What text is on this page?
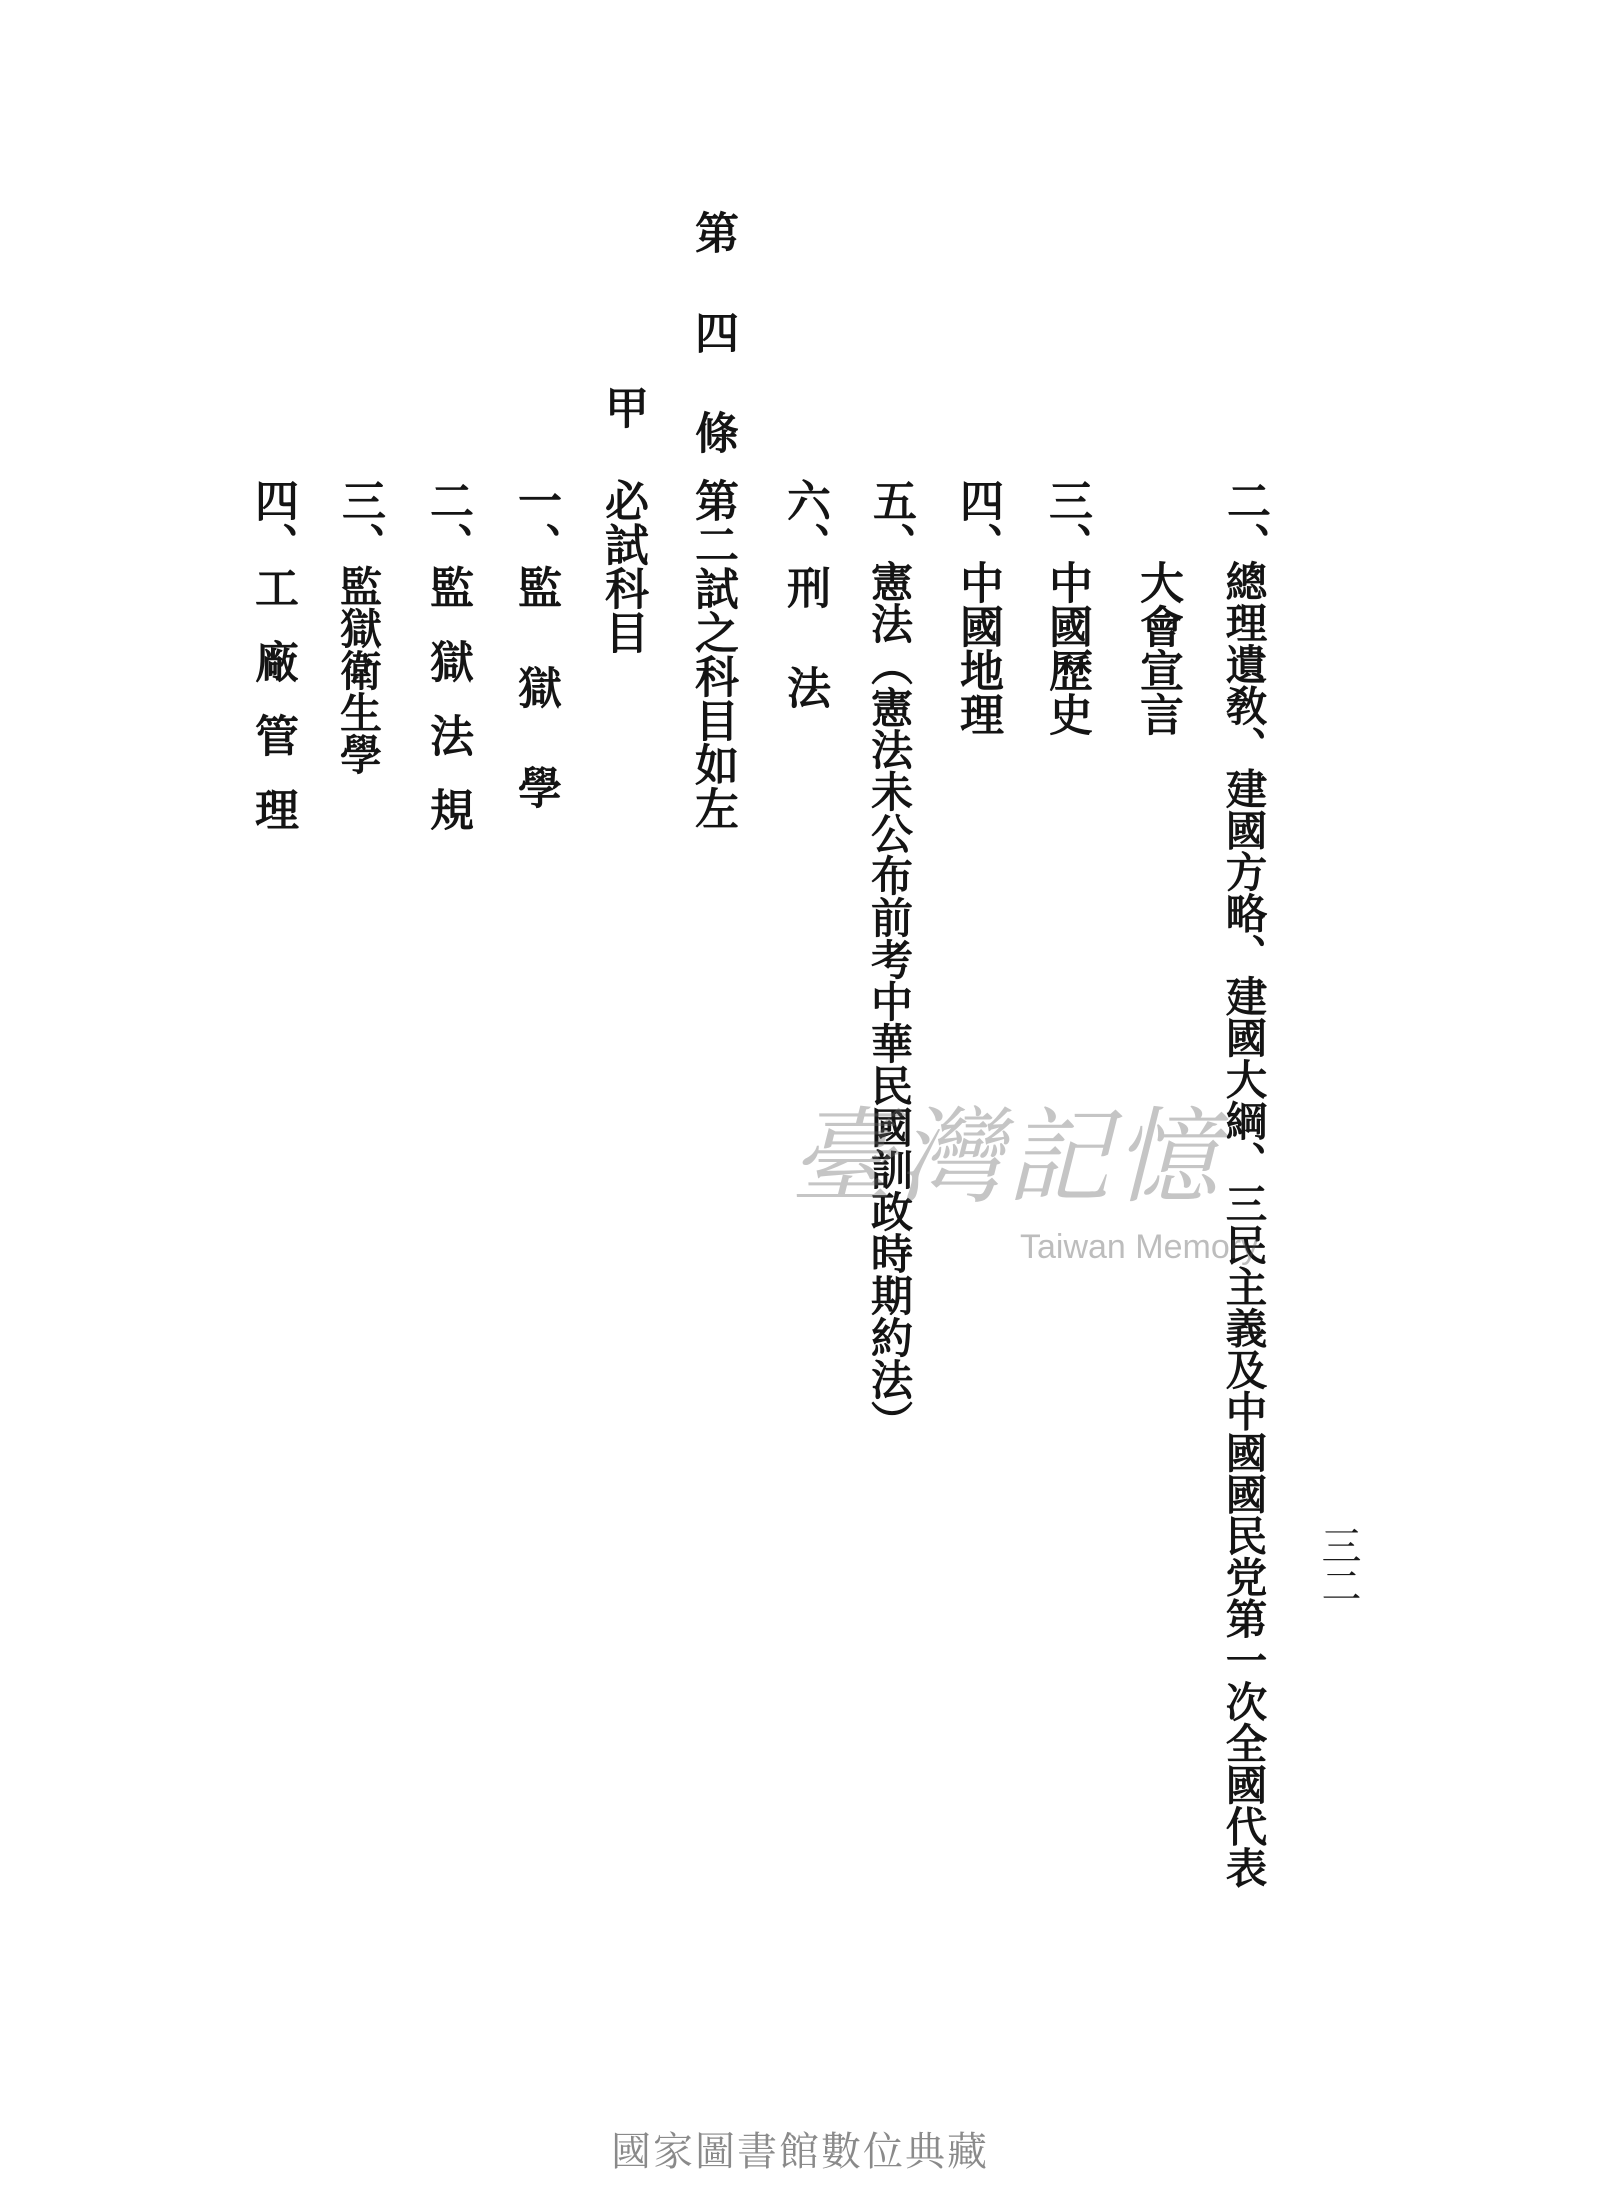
三二
二、
總理遺敎、建國方略、建國大綱、三民主義及中國國民党第一次全國代表
大會宣言
三、
中國歷史
四、
中國地理
五、
憲法（憲法未公布前考中華民國訓政時期約法）
六、
刑法
第四條
第二試之科目如左
甲
必試科目
一、
監獄學
二、
監獄法規
三、
監獄衛生學
四、
工廠管理
臺灣記憶
Taiwan Memory
國家圖書館數位典藏
